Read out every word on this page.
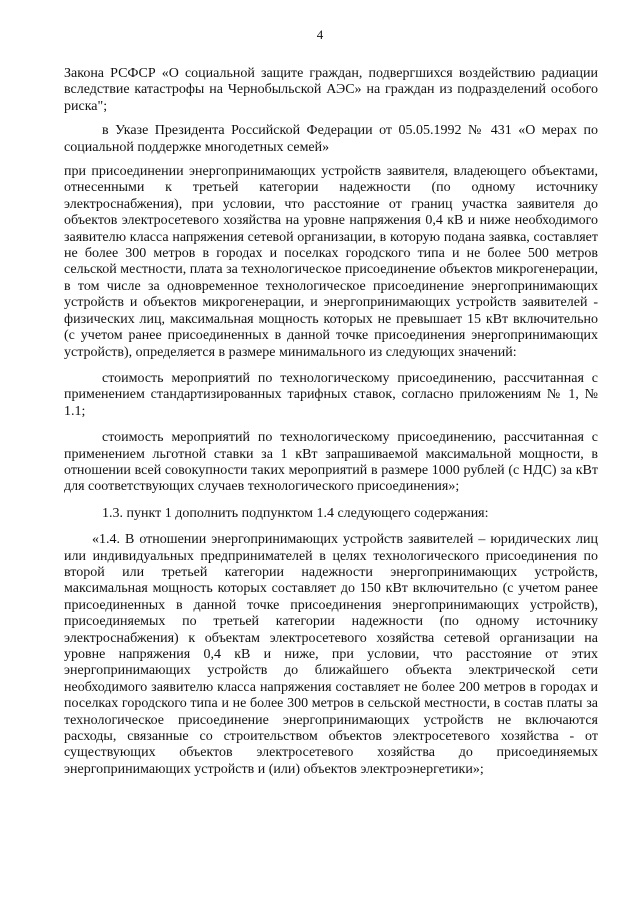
4

Закона РСФСР «О социальной защите граждан, подвергшихся воздействию радиации вследствие катастрофы на Чернобыльской АЭС» на граждан из подразделений особого риска";

в Указе Президента Российской Федерации от 05.05.1992 № 431 «О мерах по социальной поддержке многодетных семей»

при присоединении энергопринимающих устройств заявителя, владеющего объектами, отнесенными к третьей категории надежности (по одному источнику электроснабжения), при условии, что расстояние от границ участка заявителя до объектов электросетевого хозяйства на уровне напряжения 0,4 кВ и ниже необходимого заявителю класса напряжения сетевой организации, в которую подана заявка, составляет не более 300 метров в городах и поселках городского типа и не более 500 метров сельской местности, плата за технологическое присоединение объектов микрогенерации, в том числе за одновременное технологическое присоединение энергопринимающих устройств и объектов микрогенерации, и энергопринимающих устройств заявителей - физических лиц, максимальная мощность которых не превышает 15 кВт включительно (с учетом ранее присоединенных в данной точке присоединения энергопринимающих устройств), определяется в размере минимального из следующих значений:

стоимость мероприятий по технологическому присоединению, рассчитанная с применением стандартизированных тарифных ставок, согласно приложениям № 1, № 1.1;

стоимость мероприятий по технологическому присоединению, рассчитанная с применением льготной ставки за 1 кВт запрашиваемой максимальной мощности, в отношении всей совокупности таких мероприятий в размере 1000 рублей (с НДС) за кВт для соответствующих случаев технологического присоединения»;

1.3. пункт 1 дополнить подпунктом 1.4 следующего содержания:

«1.4. В отношении энергопринимающих устройств заявителей – юридических лиц или индивидуальных предпринимателей в целях технологического присоединения по второй или третьей категории надежности энергопринимающих устройств, максимальная мощность которых составляет до 150 кВт включительно (с учетом ранее присоединенных в данной точке присоединения энергопринимающих устройств), присоединяемых по третьей категории надежности (по одному источнику электроснабжения) к объектам электросетевого хозяйства сетевой организации на уровне напряжения 0,4 кВ и ниже, при условии, что расстояние от этих энергопринимающих устройств до ближайшего объекта электрической сети необходимого заявителю класса напряжения составляет не более 200 метров в городах и поселках городского типа и не более 300 метров в сельской местности, в состав платы за технологическое присоединение энергопринимающих устройств не включаются расходы, связанные со строительством объектов электросетевого хозяйства - от существующих объектов электросетевого хозяйства до присоединяемых энергопринимающих устройств и (или) объектов электроэнергетики»;
